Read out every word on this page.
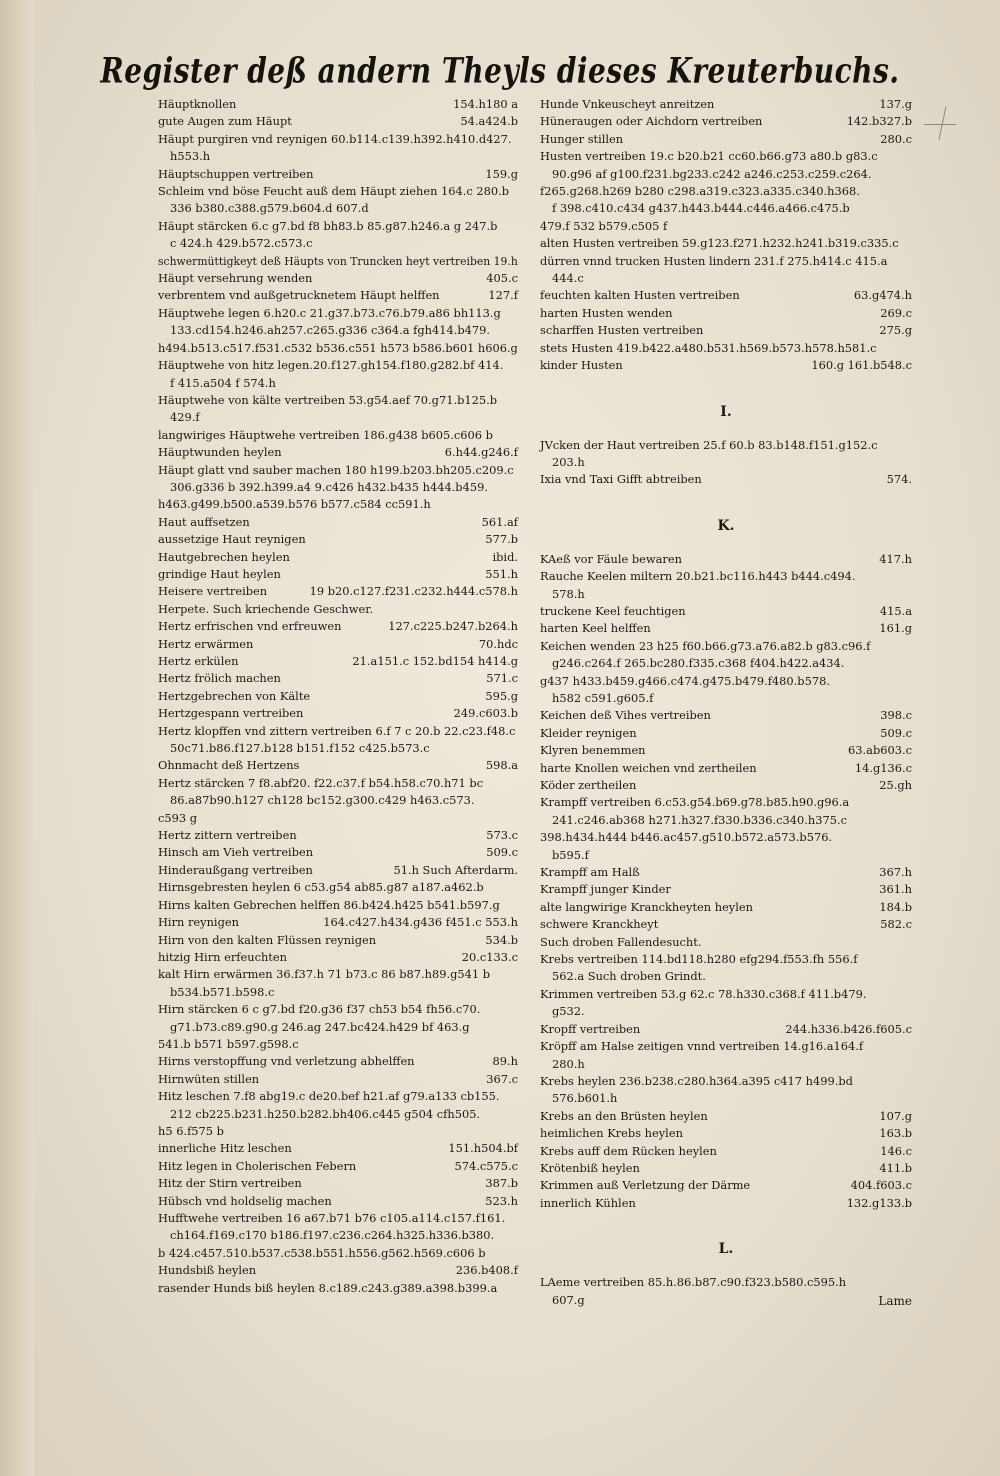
Register deß andern Theyls dieses Kreuterbuchs.
Häuptknollen	154.h180 a
gute Augen zum Häupt	54.a424.b
Häupt purgiren vnd reynigen 60.b114.c139.h392.h410.d427.
h553.h
Häuptschuppen vertreiben	159.g
Schleim vnd böse Feucht auß dem Häupt ziehen 164.c 280.b
336 b380.c388.g579.b604.d 607.d
Häupt stärcken 6.c g7.bd f8 bh83.b 85.g87.h246.a g 247.b
c 424.h 429.b572.c573.c
schwermüttigkeyt deß Häupts von Truncken heyt vertreiben 19.h
Häupt versehrung wenden	405.c
verbrentem vnd außgetrucknetem Häupt helffen	127.f
Häuptwehe legen 6.h20.c 21.g37.b73.c76.b79.a86 bh113.g
133.cd154.h246.ah257.c265.g336 c364.a fgh414.b479.
h494.b513.c517.f531.c532 b536.c551 h573 b586.b601 h606.g
Häuptwehe von hitz legen.20.f127.gh154.f180.g282.bf 414.
f 415.a504 f 574.h
Häuptwehe von kälte vertreiben 53.g54.aef 70.g71.b125.b
429.f
langwiriges Häuptwehe vertreiben 186.g438 b605.c606 b
Häuptwunden heylen	6.h44.g246.f
Häupt glatt vnd sauber machen 180 h199.b203.bh205.c209.c
306.g336 b 392.h399.a4 9.c426 h432.b435 h444.b459.
h463.g499.b500.a539.b576 b577.c584 cc591.h
Haut auffsetzen	561.af
aussetzige Haut reynigen	577.b
Hautgebrechen heylen	ibid.
grindige Haut heylen	551.h
Heisere vertreiben	19 b20.c127.f231.c232.h444.c578.h
Herpete. Such kriechende Geschwer.
Hertz erfrischen vnd erfreuwen	127.c225.b247.b264.h
Hertz erwärmen	70.hdc
Hertz erkülen	21.a151.c 152.bd154 h414.g
Hertz frölich machen	571.c
Hertzgebrechen von Kälte	595.g
Hertzgespann vertreiben	249.c603.b
Hertz klopffen vnd zittern vertreiben 6.f 7 c 20.b 22.c23.f48.c
50c71.b86.f127.b128 b151.f152 c425.b573.c
Ohnmacht deß Hertzens	598.a
Hertz stärcken 7 f8.abf20. f22.c37.f b54.h58.c70.h71 bc
86.a87b90.h127 ch128 bc152.g300.c429 h463.c573.
c593 g
Hertz zittern vertreiben	573.c
Hinsch am Vieh vertreiben	509.c
Hinderaußgang vertreiben	51.h Such Afterdarm.
Hirnsgebresten heylen 6 c53.g54 ab85.g87 a187.a462.b
Hirns kalten Gebrechen helffen 86.b424.h425 b541.b597.g
Hirn reynigen	164.c427.h434.g436 f451.c 553.h
Hirn von den kalten Flüssen reynigen	534.b
hitzig Hirn erfeuchten	20.c133.c
kalt Hirn erwärmen 36.f37.h 71 b73.c 86 b87.h89.g541 b
b534.b571.b598.c
Hirn stärcken 6 c g7.bd f20.g36 f37 ch53 b54 fh56.c70.
g71.b73.c89.g90.g 246.ag 247.bc424.h429 bf 463.g
541.b b571 b597.g598.c
Hirns verstopffung vnd verletzung abhelffen	89.h
Hirnwüten stillen	367.c
Hitz leschen 7.f8 abg19.c de20.bef h21.af g79.a133 cb155.
212 cb225.b231.h250.b282.bh406.c445 g504 cfh505.
h5 6.f575 b
innerliche Hitz leschen	151.h504.bf
Hitz legen in Cholerischen Febern	574.c575.c
Hitz der Stirn vertreiben	387.b
Hübsch vnd holdselig machen	523.h
Hufftwehe vertreiben 16 a67.b71 b76 c105.a114.c157.f161.
ch164.f169.c170 b186.f197.c236.c264.h325.h336.b380.
b 424.c457.510.b537.c538.b551.h556.g562.h569.c606 b
Hundsbiß heylen	236.b408.f
rasender Hunds biß heylen 8.c189.c243.g389.a398.b399.a
Hunde Vnkeuscheyt anreitzen	137.g
Hüneraugen oder Aichdorn vertreiben	142.b327.b
Hunger stillen	280.c
Husten vertreiben 19.c b20.b21 cc60.b66.g73 a80.b g83.c
90.g96 af g100.f231.bg233.c242 a246.c253.c259.c264.
f265.g268.h269 b280 c298.a319.c323.a335.c340.h368.
f 398.c410.c434 g437.h443.b444.c446.a466.c475.b
479.f 532 b579.c505 f
alten Husten vertreiben 59.g123.f271.h232.h241.b319.c335.c
dürren vnnd trucken Husten lindern 231.f 275.h414.c 415.a
444.c
feuchten kalten Husten vertreiben	63.g474.h
harten Husten wenden	269.c
scharffen Husten vertreiben	275.g
stets Husten 419.b422.a480.b531.h569.b573.h578.h581.c
kinder Husten	160.g 161.b548.c
I.
JVcken der Haut vertreiben 25.f 60.b 83.b148.f151.g152.c
203.h
Ixia vnd Taxi Gifft abtreiben	574.
K.
KAeß vor Fäule bewaren	417.h
Rauche Keelen miltern 20.b21.bc116.h443 b444.c494.
578.h
truckene Keel feuchtigen	415.a
harten Keel helffen	161.g
Keichen wenden 23 h25 f60.b66.g73.a76.a82.b g83.c96.f
g246.c264.f 265.bc280.f335.c368 f404.h422.a434.
g437 h433.b459.g466.c474.g475.b479.f480.b578.
h582 c591.g605.f
Keichen deß Vihes vertreiben	398.c
Kleider reynigen	509.c
Klyren benemmen	63.ab603.c
harte Knollen weichen vnd zertheilen	14.g136.c
Köder zertheilen	25.gh
Krampff vertreiben 6.c53.g54.b69.g78.b85.h90.g96.a
241.c246.ab368 h271.h327.f330.b336.c340.h375.c
398.h434.h444 b446.ac457.g510.b572.a573.b576.
b595.f
Krampff am Halß	367.h
Krampff junger Kinder	361.h
alte langwirige Kranckheyten heylen	184.b
schwere Kranckheyt	582.c
Such droben Fallendesucht.
Krebs vertreiben 114.bd118.h280 efg294.f553.fh 556.f
562.a Such droben Grindt.
Krimmen vertreiben 53.g 62.c 78.h330.c368.f 411.b479.
g532.
Kropff vertreiben	244.h336.b426.f605.c
Kröpff am Halse zeitigen vnnd vertreiben 14.g16.a164.f
280.h
Krebs heylen 236.b238.c280.h364.a395 c417 h499.bd
576.b601.h
Krebs an den Brüsten heylen	107.g
heimlichen Krebs heylen	163.b
Krebs auff dem Rücken heylen	146.c
Krötenbiß heylen	411.b
Krimmen auß Verletzung der Därme	404.f603.c
innerlich Kühlen	132.g133.b
L.
LAeme vertreiben 85.h.86.b87.c90.f323.b580.c595.h
607.g	Lame
